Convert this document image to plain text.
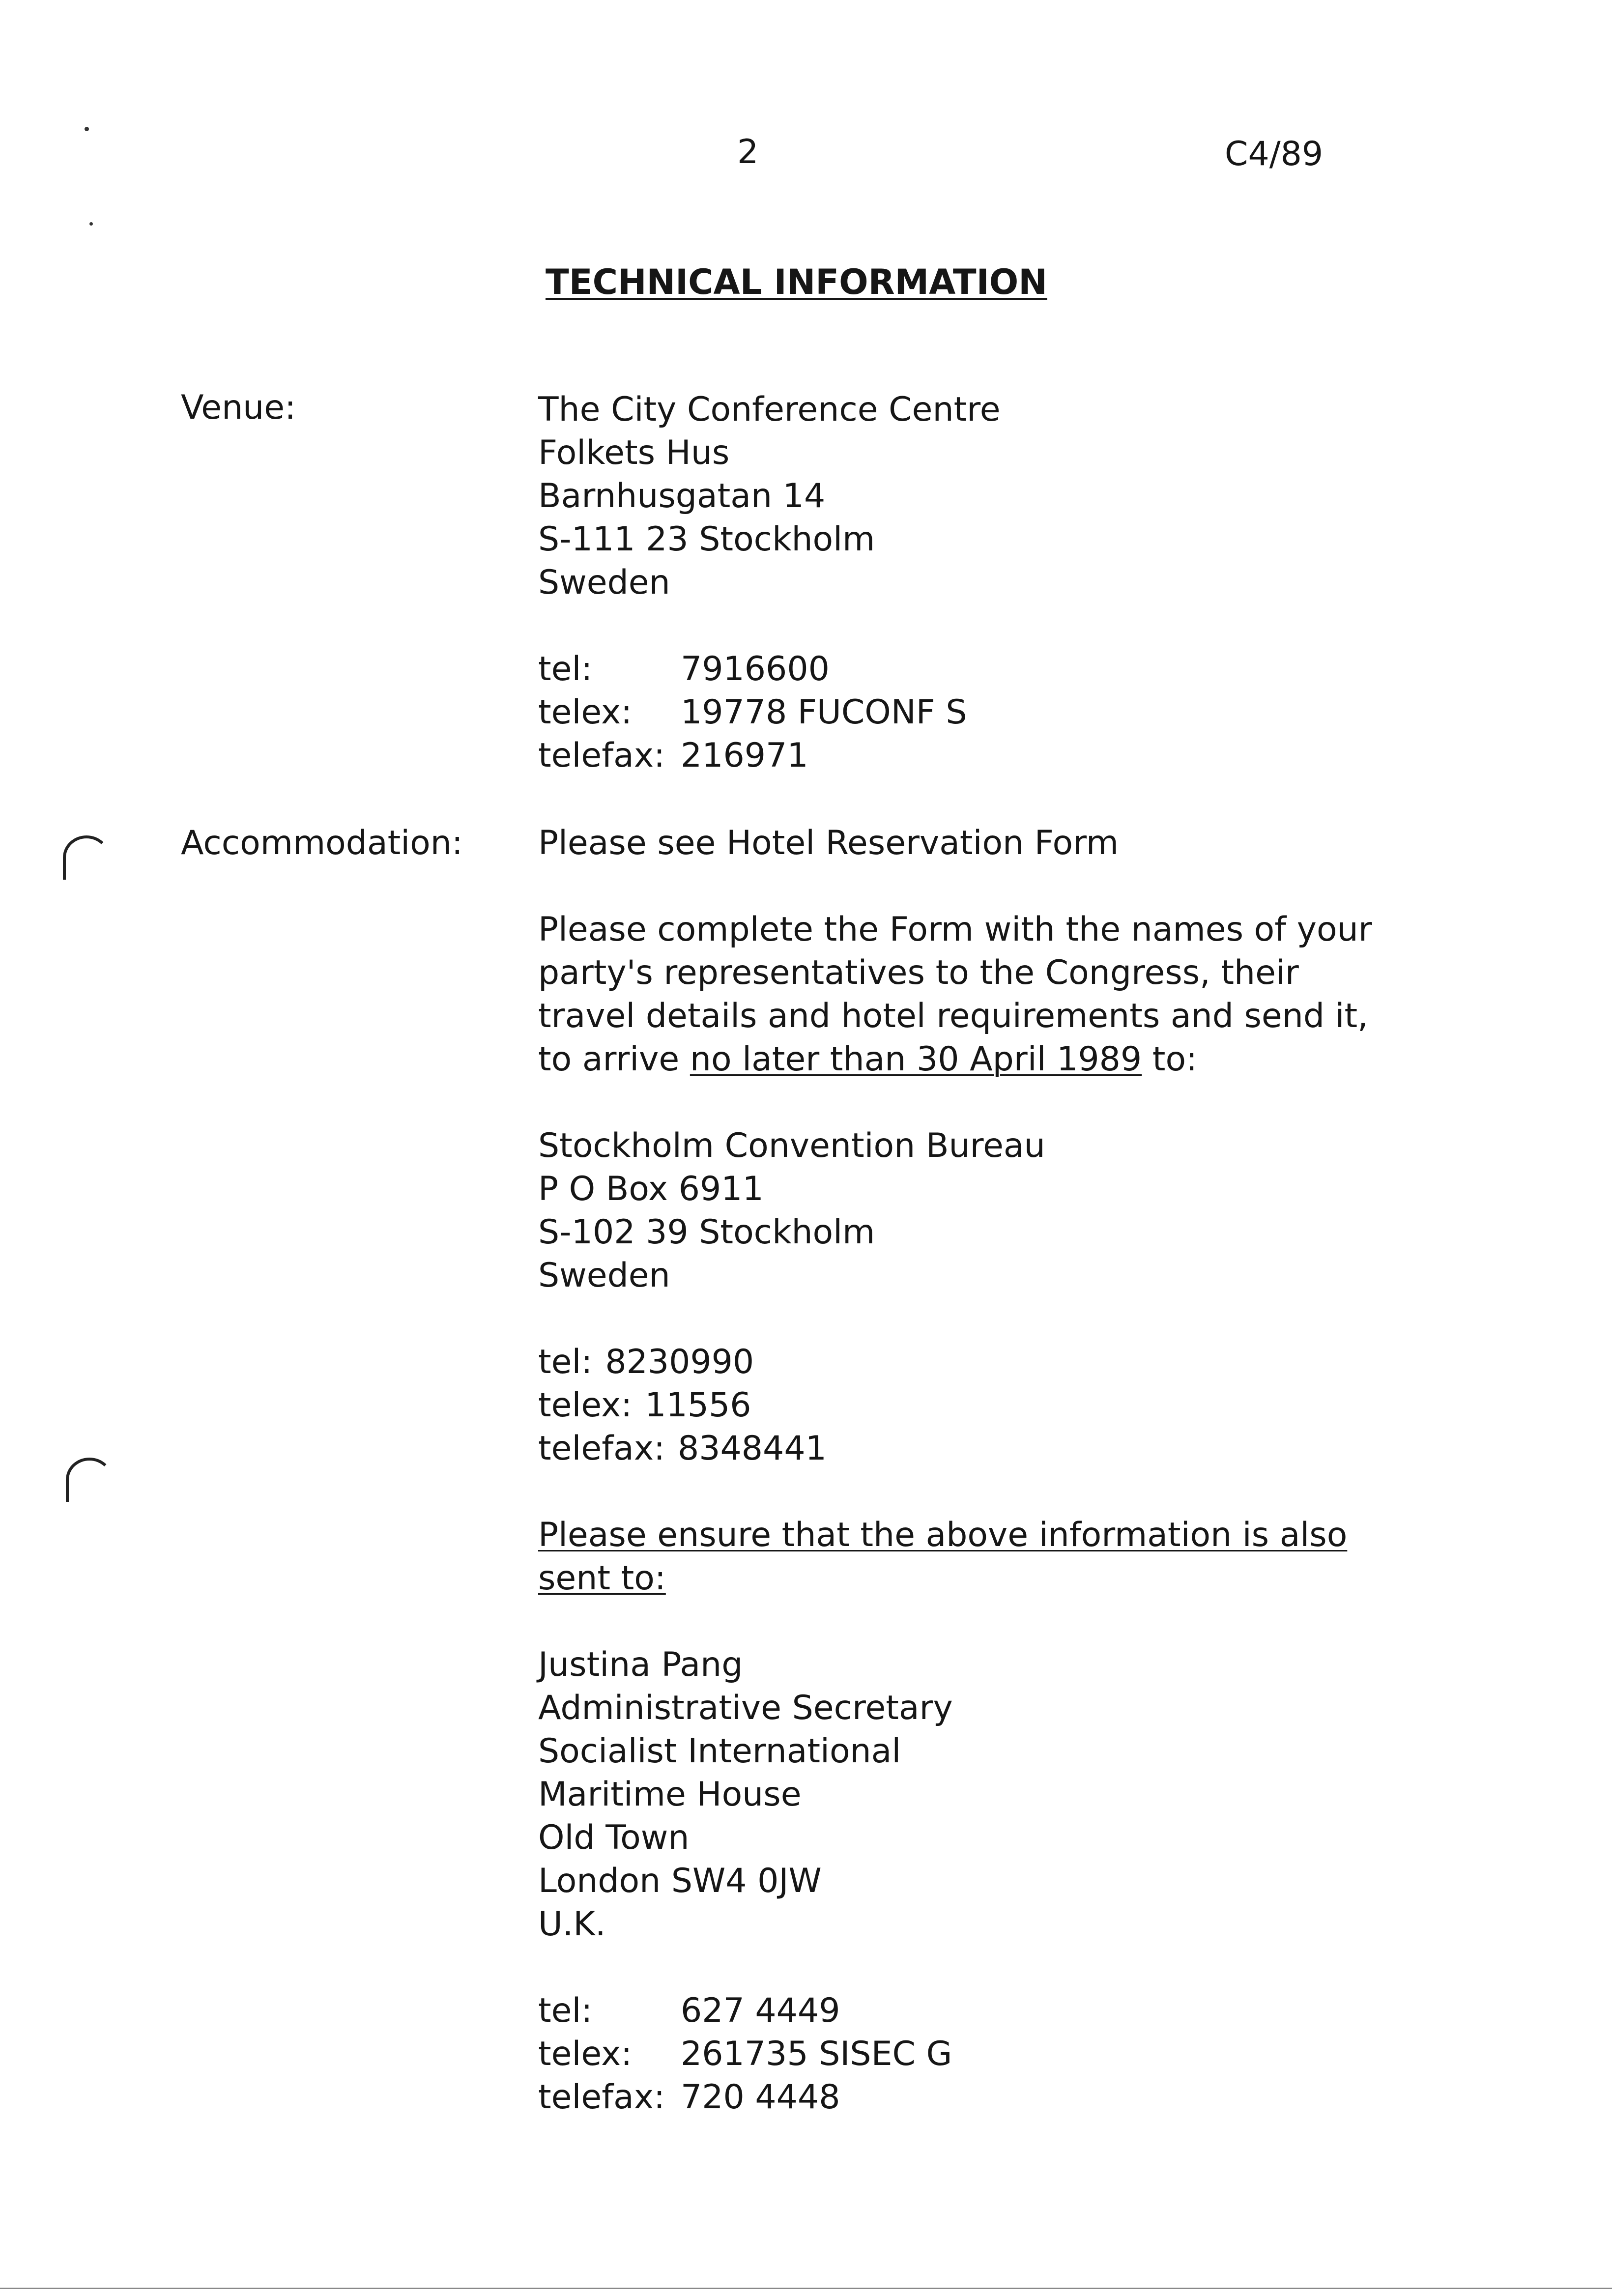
2	C4/89
TECHNICAL INFORMATION
Venue:	The City Conference Centre
Folkets Hus
Barnhusgatan 14
S-111 23 Stockholm
Sweden
tel:	7916600
telex:	19778 FUCONF S
telefax: 216971
Accommodation: Please see Hotel Reservation Form
Please complete the Form with the names of your
party's representatives to the Congress, their
travel details and hotel requirements and send it,
to arrive no later than 30 April 1989 to:
Stockholm Convention Bureau
P O Box 6911
S-102 39 Stockholm
Sweden
tel: 8230990
telex: 11556
telefax: 8348441
Please ensure that the above information is also
sent to:
Justina Pang
Administrative Secretary
Socialist International
Maritime House
Old Town
London SW4 0JW
U.K.
tel:	627 4449
telex:	261735 SISEC G
telefax: 720 4448
